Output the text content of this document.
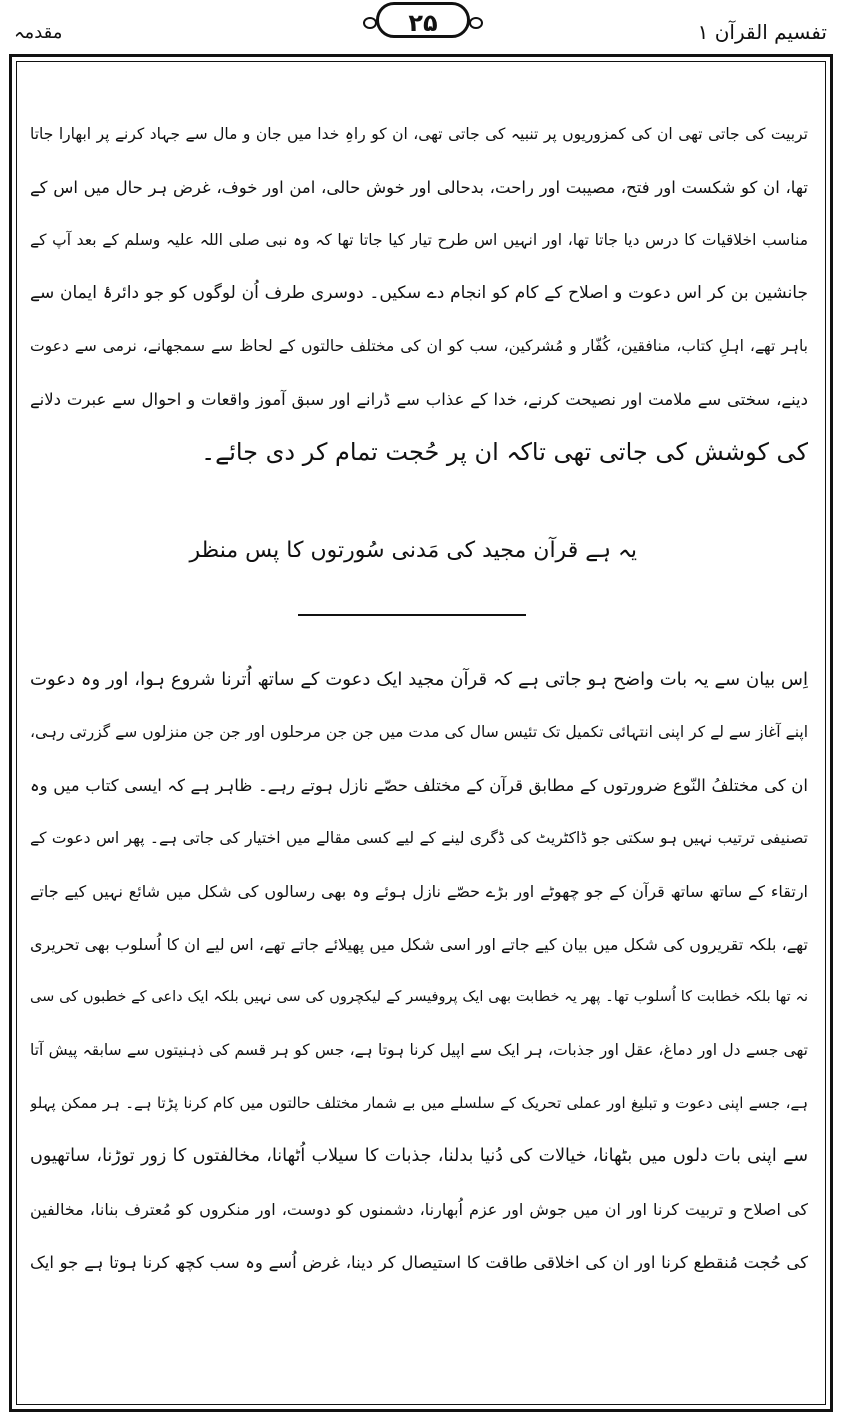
مقدمہ	۲۵	تفسیم القرآن ۱
تربیت کی جاتی تھی ان کی کمزوریوں پر تنبیہ کی جاتی تھی، ان کو راہِ خدا میں جان و مال سے جہاد کرنے پر ابھارا جاتا
تھا، ان کو شکست اور فتح، مصیبت اور راحت، بدحالی اور خوش حالی، امن اور خوف، غرض ہر حال میں اس کے
مناسب اخلاقیات کا درس دیا جاتا تھا، اور انہیں اس طرح تیار کیا جاتا تھا کہ وہ نبی صلی اللہ علیہ وسلم کے بعد آپ کے
جانشین بن کر اس دعوت و اصلاح کے کام کو انجام دے سکیں۔ دوسری طرف اُن لوگوں کو جو دائرۂ ایمان سے
باہر تھے، اہلِ کتاب، منافقین، کُفّار و مُشرکین، سب کو ان کی مختلف حالتوں کے لحاظ سے سمجھانے، نرمی سے دعوت
دینے، سختی سے ملامت اور نصیحت کرنے، خدا کے عذاب سے ڈرانے اور سبق آموز واقعات و احوال سے عبرت دلانے
کی کوشش کی جاتی تھی تاکہ ان پر حُجت تمام کر دی جائے۔
یہ ہے قرآن مجید کی مَدنی سُورتوں کا پس منظر
اِس بیان سے یہ بات واضح ہو جاتی ہے کہ قرآن مجید ایک دعوت کے ساتھ اُترنا شروع ہوا، اور وہ دعوت
اپنے آغاز سے لے کر اپنی انتہائی تکمیل تک تئیس سال کی مدت میں جن جن مرحلوں اور جن جن منزلوں سے گزرتی رہی،
ان کی مختلفُ النّوع ضرورتوں کے مطابق قرآن کے مختلف حصّے نازل ہوتے رہے۔ ظاہر ہے کہ ایسی کتاب میں وہ
تصنیفی ترتیب نہیں ہو سکتی جو ڈاکٹریٹ کی ڈگری لینے کے لیے کسی مقالے میں اختیار کی جاتی ہے۔ پھر اس دعوت کے
ارتقاء کے ساتھ ساتھ قرآن کے جو چھوٹے اور بڑے حصّے نازل ہوئے وہ بھی رسالوں کی شکل میں شائع نہیں کیے جاتے
تھے، بلکہ تقریروں کی شکل میں بیان کیے جاتے اور اسی شکل میں پھیلائے جاتے تھے، اس لیے ان کا اُسلوب بھی تحریری
نہ تھا بلکہ خطابت کا اُسلوب تھا۔ پھر یہ خطابت بھی ایک پروفیسر کے لیکچروں کی سی نہیں بلکہ ایک داعی کے خطبوں کی سی
تھی جسے دل اور دماغ، عقل اور جذبات، ہر ایک سے اپیل کرنا ہوتا ہے، جس کو ہر قسم کی ذہنیتوں سے سابقہ پیش آتا
ہے، جسے اپنی دعوت و تبلیغ اور عملی تحریک کے سلسلے میں بے شمار مختلف حالتوں میں کام کرنا پڑتا ہے۔ ہر ممکن پہلو
سے اپنی بات دلوں میں بٹھانا، خیالات کی دُنیا بدلنا، جذبات کا سیلاب اُٹھانا، مخالفتوں کا زور توڑنا، ساتھیوں
کی اصلاح و تربیت کرنا اور ان میں جوش اور عزم اُبھارنا، دشمنوں کو دوست، اور منکروں کو مُعترف بنانا، مخالفین
کی حُجت مُنقطع کرنا اور ان کی اخلاقی طاقت کا استیصال کر دینا، غرض اُسے وہ سب کچھ کرنا ہوتا ہے جو ایک
